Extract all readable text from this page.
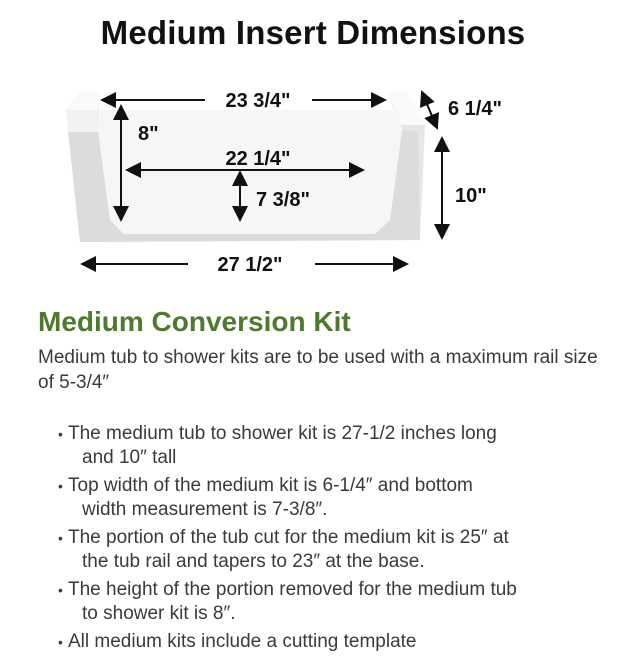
Medium Insert Dimensions
23 3/4"
8"
22 1/4"
7 3/8"
6 1/4"
10"
27 1/2"
Medium Conversion Kit
Medium tub to shower kits are to be used with a maximum rail size of 5-3/4″
• The medium tub to shower kit is 27-1/2 inches long
and 10″ tall
• Top width of the medium kit is 6-1/4″ and bottom
width measurement is 7-3/8″.
• The portion of the tub cut for the medium kit is 25″ at
the tub rail and tapers to 23″ at the base.
• The height of the portion removed for the medium tub
to shower kit is 8″.
• All medium kits include a cutting template
